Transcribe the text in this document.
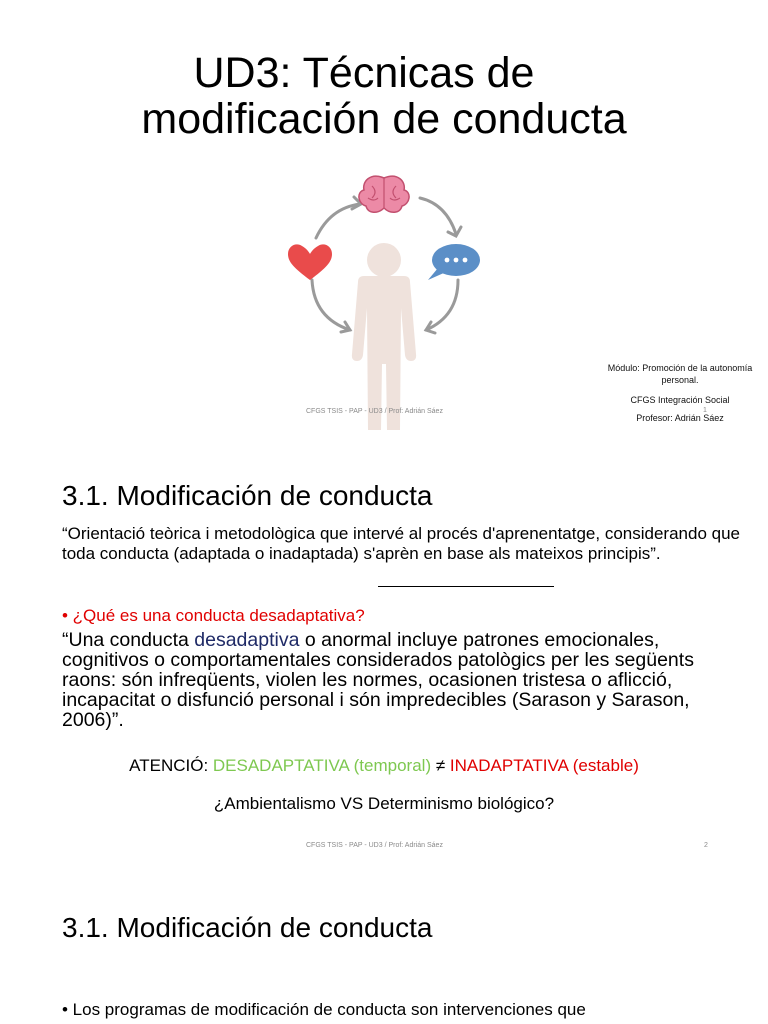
UD3: Técnicas de
modificación de conducta
CFGS TSIS - PAP - UD3 / Prof: Adrián Sáez	1
Módulo: Promoción de la autonomía
personal.
CFGS Integración Social
Profesor: Adrián Sáez
3.1. Modificación de conducta
“Orientació teòrica i metodològica que intervé al procés d'aprenentatge, considerando que toda conducta (adaptada o inadaptada) s'aprèn en base als mateixos principis”.
• ¿Qué es una conducta desadaptativa?
“Una conducta desadaptiva o anormal incluye patrones emocionales, cognitivos o comportamentales considerados patològics per les següents raons: són infreqüents, violen les normes, ocasionen tristesa o aflicció, incapacitat o disfunció personal i són impredecibles (Sarason y Sarason, 2006)”.
ATENCIÓ: DESADAPTATIVA (temporal) ≠ INADAPTATIVA (estable)
¿Ambientalismo VS Determinismo biológico?
CFGS TSIS - PAP - UD3 / Prof: Adrián Sáez	2
3.1. Modificación de conducta
• Los programas de modificación de conducta son intervenciones que
